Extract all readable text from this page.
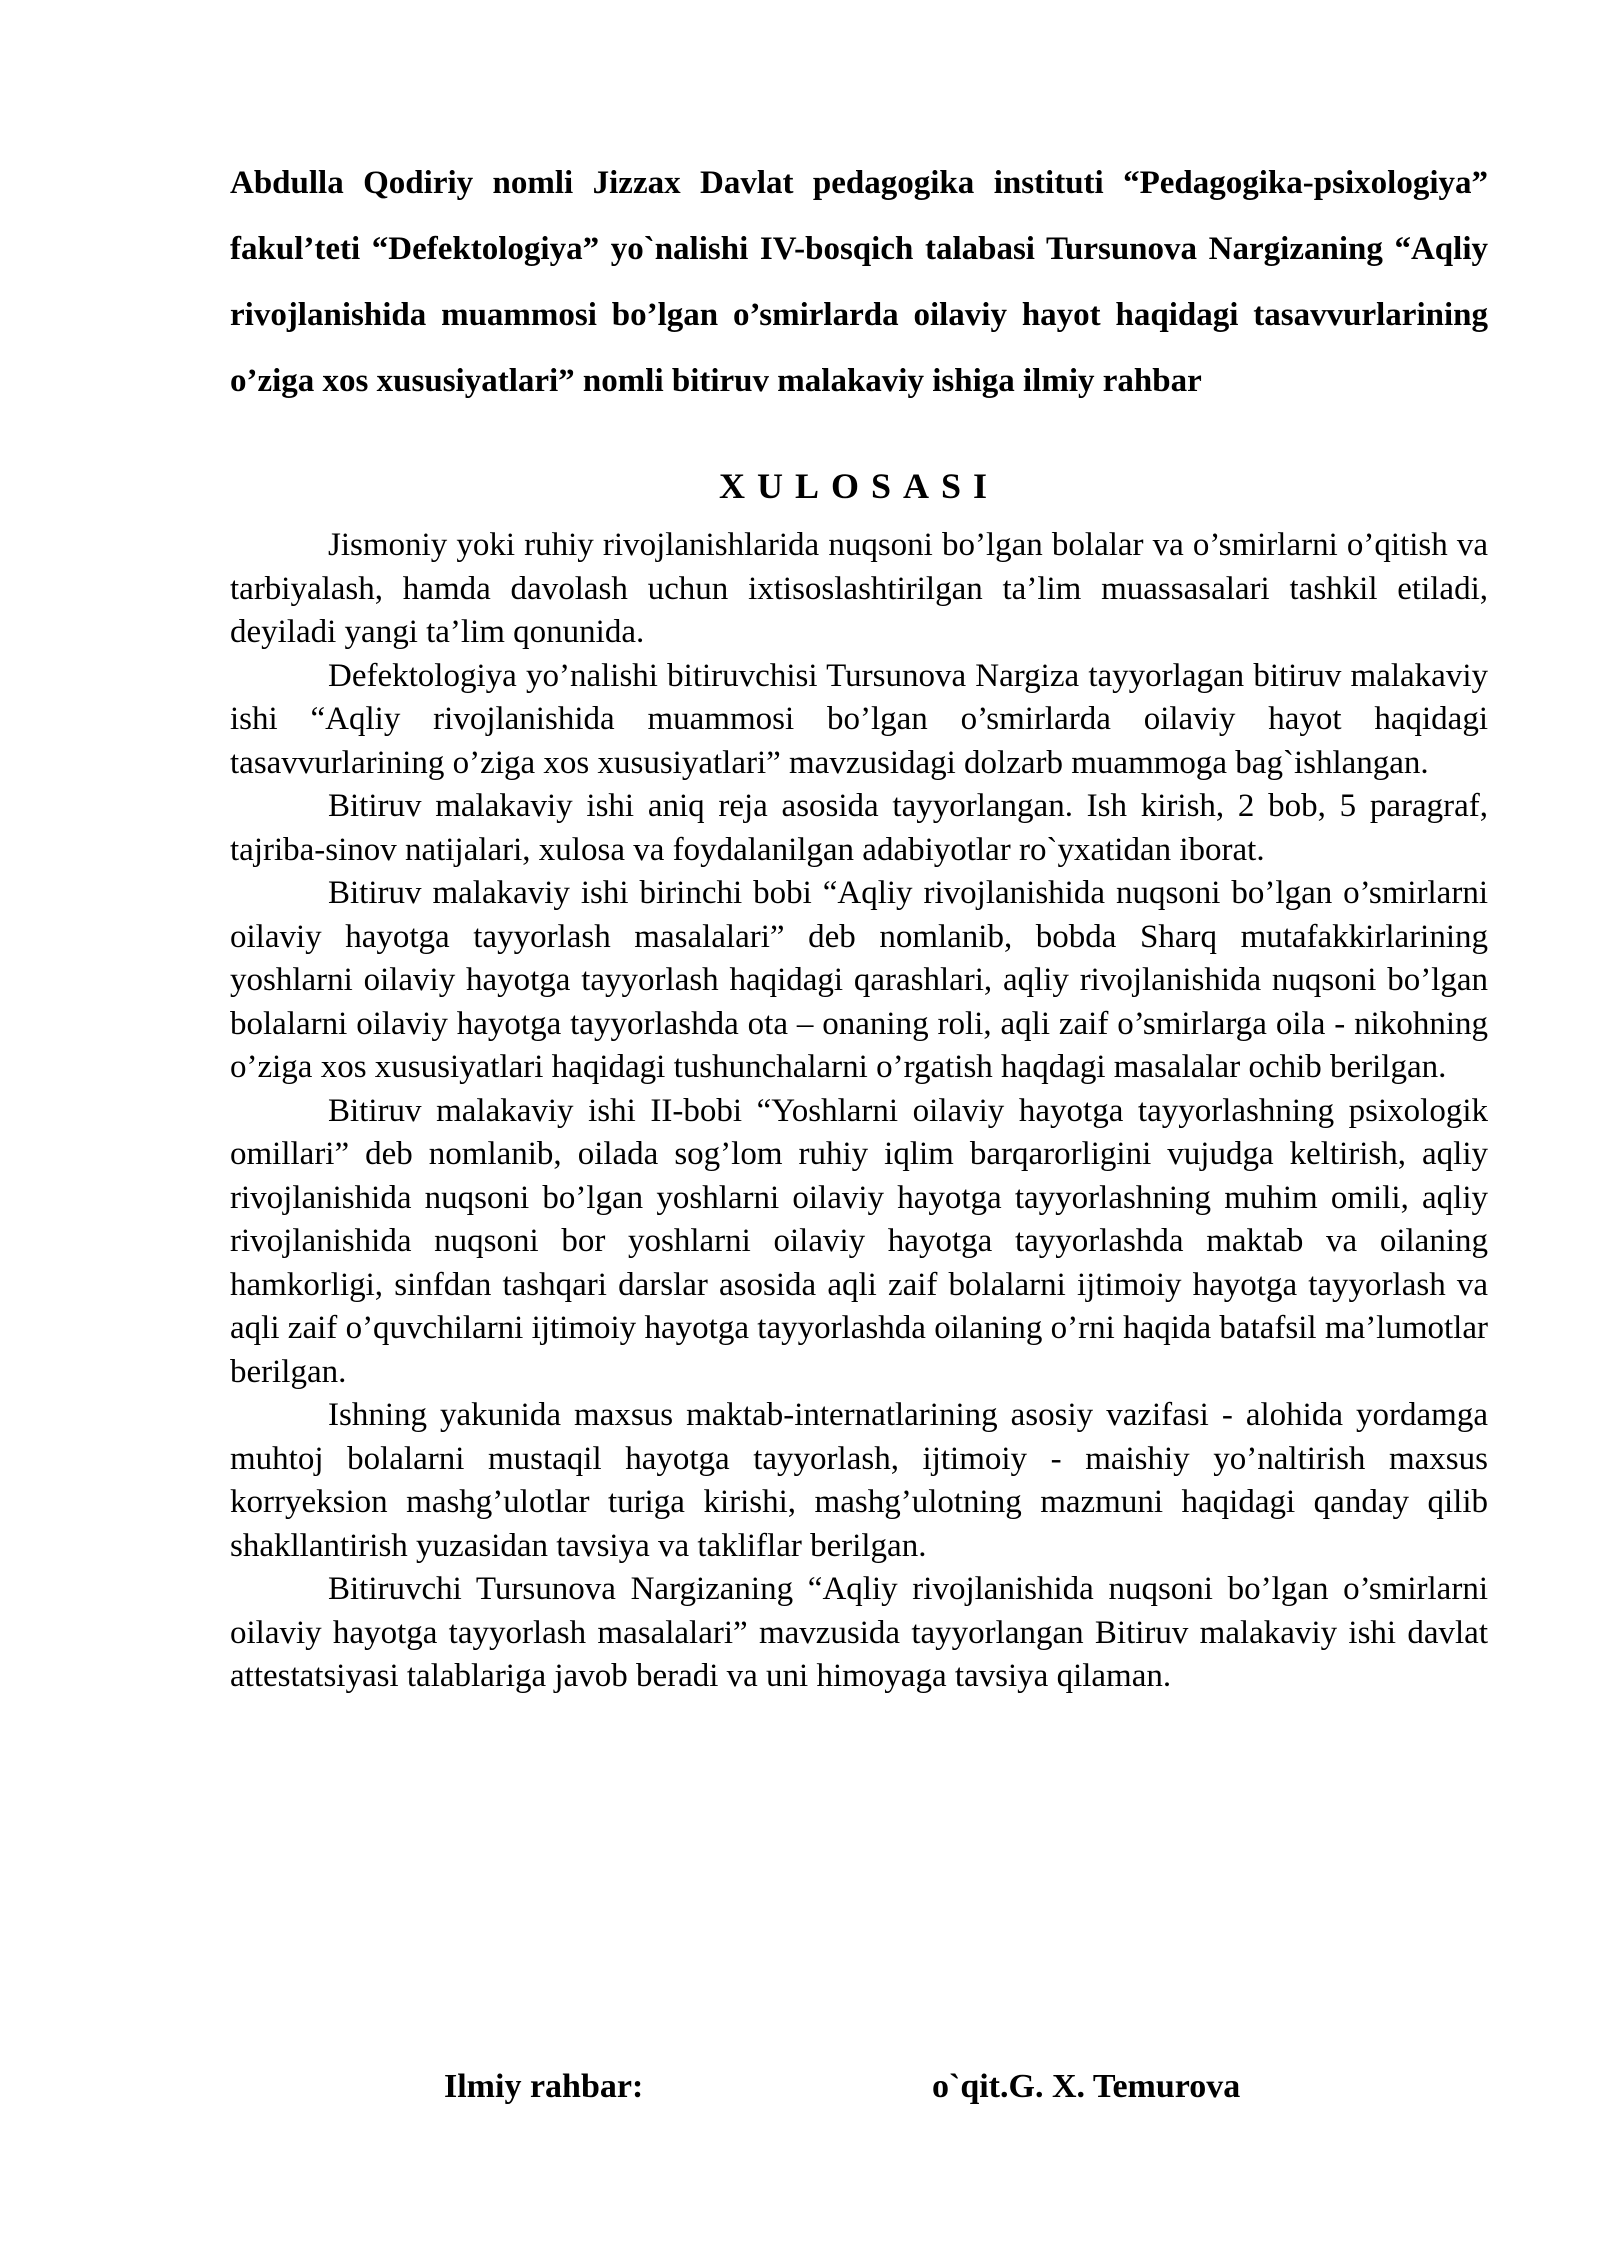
Abdulla Qodiriy nomli Jizzax Davlat pedagogika instituti “Pedagogika-psixologiya” fakul’teti “Defektologiya” yo`nalishi IV-bosqich talabasi Tursunova Nargizaning “Aqliy rivojlanishida muammosi bo’lgan o’smirlarda oilaviy hayot haqidagi tasavvurlarining o’ziga xos xususiyatlari” nomli bitiruv malakaviy ishiga ilmiy rahbar

XULOSASI

Jismoniy yoki ruhiy rivojlanishlarida nuqsoni bo’lgan bolalar va o’smirlarni o’qitish va tarbiyalash, hamda davolash uchun ixtisoslashtirilgan ta’lim muassasalari tashkil etiladi, deyiladi yangi ta’lim qonunida.

Defektologiya yo’nalishi bitiruvchisi Tursunova Nargiza tayyorlagan bitiruv malakaviy ishi “Aqliy rivojlanishida muammosi bo’lgan o’smirlarda oilaviy hayot haqidagi tasavvurlarining o’ziga xos xususiyatlari” mavzusidagi dolzarb muammoga bag`ishlangan.

Bitiruv malakaviy ishi aniq reja asosida tayyorlangan. Ish kirish, 2 bob, 5 paragraf, tajriba-sinov natijalari, xulosa va foydalanilgan adabiyotlar ro`yxatidan iborat.

Bitiruv malakaviy ishi birinchi bobi “Aqliy rivojlanishida nuqsoni bo’lgan o’smirlarni oilaviy hayotga tayyorlash masalalari” deb nomlanib, bobda Sharq mutafakkirlarining yoshlarni oilaviy hayotga tayyorlash haqidagi qarashlari, aqliy rivojlanishida nuqsoni bo’lgan bolalarni oilaviy hayotga tayyorlashda ota – onaning roli, aqli zaif o’smirlarga oila - nikohning o’ziga xos xususiyatlari haqidagi tushunchalarni o’rgatish haqdagi masalalar ochib berilgan.

Bitiruv malakaviy ishi II-bobi “Yoshlarni oilaviy hayotga tayyorlashning psixologik omillari” deb nomlanib, oilada sog’lom ruhiy iqlim barqarorligini vujudga keltirish, aqliy rivojlanishida nuqsoni bo’lgan yoshlarni oilaviy hayotga tayyorlashning muhim omili, aqliy rivojlanishida nuqsoni bor yoshlarni oilaviy hayotga tayyorlashda maktab va oilaning hamkorligi, sinfdan tashqari darslar asosida aqli zaif bolalarni ijtimoiy hayotga tayyorlash va aqli zaif o’quvchilarni ijtimoiy hayotga tayyorlashda oilaning o’rni haqida batafsil ma’lumotlar berilgan.

Ishning yakunida maxsus maktab-internatlarining asosiy vazifasi - alohida yordamga muhtoj bolalarni mustaqil hayotga tayyorlash, ijtimoiy - maishiy yo’naltirish maxsus korryeksion mashg’ulotlar turiga kirishi, mashg’ulotning mazmuni haqidagi qanday qilib shakllantirish yuzasidan tavsiya va takliflar berilgan.

Bitiruvchi Tursunova Nargizaning “Aqliy rivojlanishida nuqsoni bo’lgan o’smirlarni oilaviy hayotga tayyorlash masalalari” mavzusida tayyorlangan Bitiruv malakaviy ishi davlat attestatsiyasi talablariga javob beradi va uni himoyaga tavsiya qilaman.

Ilmiy rahbar:	o`qit.G. X. Temurova
